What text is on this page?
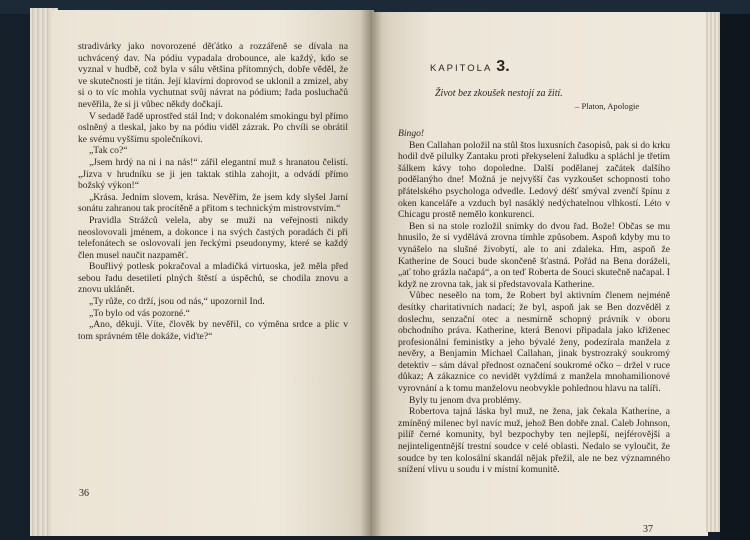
stradivárky jako novorozené děťátko a rozzářeně se dívala na uchvácený dav. Na pódiu vypadala drobounce, ale každý, kdo se vyznal v hudbě, což byla v sálu většina přítomných, dobře věděl, že ve skutečnosti je titán. Její klavírní doprovod se uklonil a zmizel, aby si o to víc mohla vychutnat svůj návrat na pódium; řada posluchačů nevěřila, že si ji vůbec někdy dočkají.

V sedadě řadě uprostřed stál Ind; v dokonalém smokingu byl přímo oslněný a tleskal, jako by na pódiu viděl zázrak. Po chvíli se obrátil ke svému vyššímu společníkovi.

„Tak co?“

„Jsem hrdý na ni i na nás!“ zářil elegantní muž s hranatou čelistí. „Jízva v hrudníku se ji jen taktak stihla zahojit, a odvádí přímo božský výkon!“

„Krása. Jedním slovem, krása. Nevěřím, že jsem kdy slyšel Jarní sonátu zahranou tak procítěně a přitom s technickým mistrovstvím.“

Pravidla Strážců velela, aby se muži na veřejnosti nikdy neoslovovali jménem, a dokonce i na svých častých poradách či při telefonátech se oslovovali jen řeckými pseudonymy, které se každý člen musel naučit nazpaměť.

Bouřlivý potlesk pokračoval a mladičká virtuoska, jež měla před sebou řadu desetiletí plných štěstí a úspěchů, se chodila znovu a znovu uklánět.

„Ty růže, co drží, jsou od nás,“ upozornil Ind.

„To bylo od vás pozorné.“

„Ano, děkuji. Víte, člověk by nevěřil, co výměna srdce a plic v tom správném těle dokáže, viďte?“

36
KAPITOLA 3.
Život bez zkoušek nestojí za žití.
– Platon, Apologie

Bingo!

Ben Callahan položil na stůl štos luxusních časopisů, pak si do krku hodil dvě pilulky Zantaku proti překyselení žaludku a spláchl je třetím šálkem kávy toho dopoledne. Další podělanej začátek dalšího podělanýho dne! Možná je nejvyšší čas vyzkoušet schopnosti toho přátelského psychologa odvedle. Ledový déšť smýval zvenčí špínu z oken kanceláře a vzduch byl nasáklý nedýchatelnou vlhkostí. Léto v Chicagu prostě nemělo konkurenci.

Ben si na stole rozložil snímky do dvou řad. Bože! Občas se mu hnusilo, že si vydělává zrovna tímhle způsobem. Aspoň kdyby mu to vynášelo na slušné živobytí, ale to ani zdaleka. Hm, aspoň že Katherine de Souci bude skončeně šťastná. Pořád na Bena doráželi, „ať toho grázla načapá“, a on teď Roberta de Souci skutečně načapal. I když ne zrovna tak, jak si představovala Katherine.

Vůbec neseělo na tom, že Robert byl aktivním členem nejméně desítky charitativních nadací; že byl, aspoň jak se Ben dozvěděl z doslechu, senzační otec a nesmírně schopný právník v oboru obchodního práva. Katherine, která Benovi připadala jako křiženec profesionální feministky a jeho bývalé ženy, podezírala manžela z nevěry, a Benjamin Michael Callahan, jinak bystrozraký soukromý detektiv – sám dával přednost označení soukromé očko – držel v ruce důkaz; A zákaznice co nevidět vyždímá z manžela mnohamilionové vyrovnání a k tomu manželovu neobvykle pohlednou hlavu na talíři.

Byly tu jenom dva problémy.

Robertova tajná láska byl muž, ne žena, jak čekala Katherine, a zmíněný milenec byl navíc muž, jehož Ben dobře znal. Caleb Johnson, pilíř černé komunity, byl bezpochyby ten nejlepší, nejférovější a nejinteligentnější trestní soudce v celé oblasti. Nedalo se vyloučit, že soudce by ten kolosální skandál nějak přežil, ale ne bez významného snížení vlivu u soudu i v místní komunitě.

37
